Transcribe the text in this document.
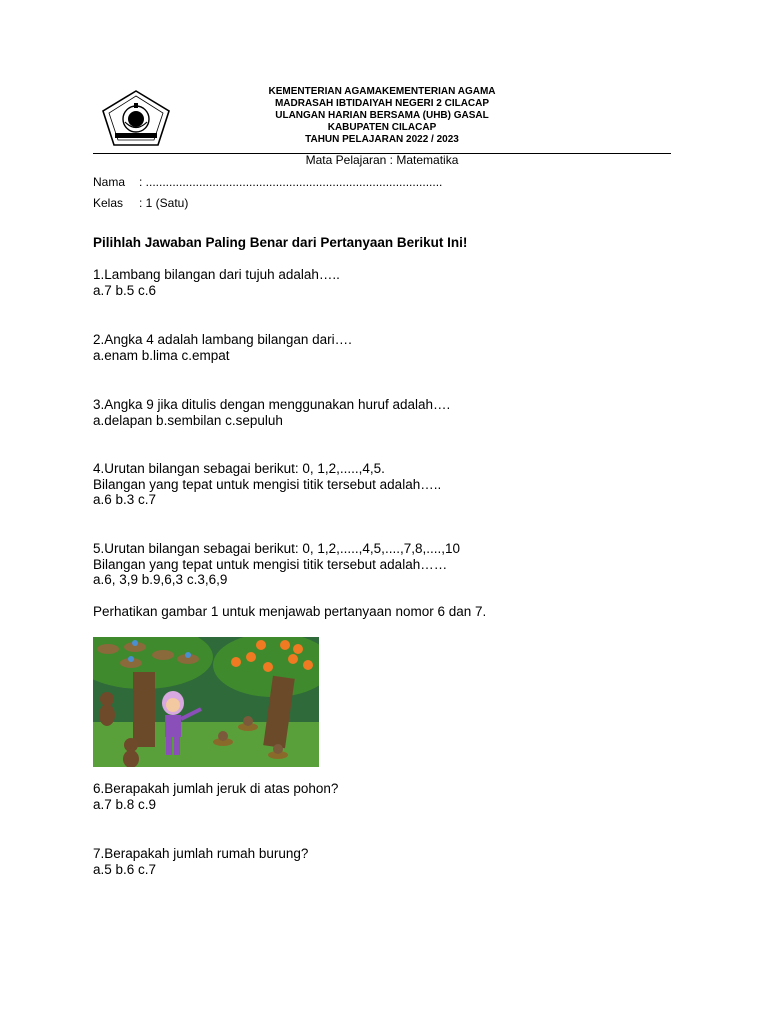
KEMENTERIAN AGAMAKEMENTERIAN AGAMA
MADRASAH IBTIDAIYAH NEGERI 2 CILACAP
ULANGAN HARIAN BERSAMA (UHB) GASAL
KABUPATEN CILACAP
TAHUN PELAJARAN 2022 / 2023
Mata Pelajaran : Matematika
Nama : .........................................................................................
Kelas : 1 (Satu)
Pilihlah Jawaban Paling Benar dari Pertanyaan Berikut Ini!
1.Lambang bilangan dari tujuh adalah…..
a.7 b.5 c.6
2.Angka 4 adalah lambang bilangan dari….
a.enam b.lima c.empat
3.Angka 9 jika ditulis dengan menggunakan huruf adalah….
a.delapan b.sembilan c.sepuluh
4.Urutan bilangan sebagai berikut: 0, 1,2,.....,4,5.
Bilangan yang tepat untuk mengisi titik tersebut adalah…..
a.6 b.3 c.7
5.Urutan bilangan sebagai berikut: 0, 1,2,.....,4,5,....,7,8,....,10
Bilangan yang tepat untuk mengisi titik tersebut adalah……
a.6, 3,9 b.9,6,3 c.3,6,9
Perhatikan gambar 1 untuk menjawab pertanyaan nomor 6 dan 7.
6.Berapakah jumlah jeruk di atas pohon?
a.7 b.8 c.9
7.Berapakah jumlah rumah burung?
a.5 b.6 c.7
